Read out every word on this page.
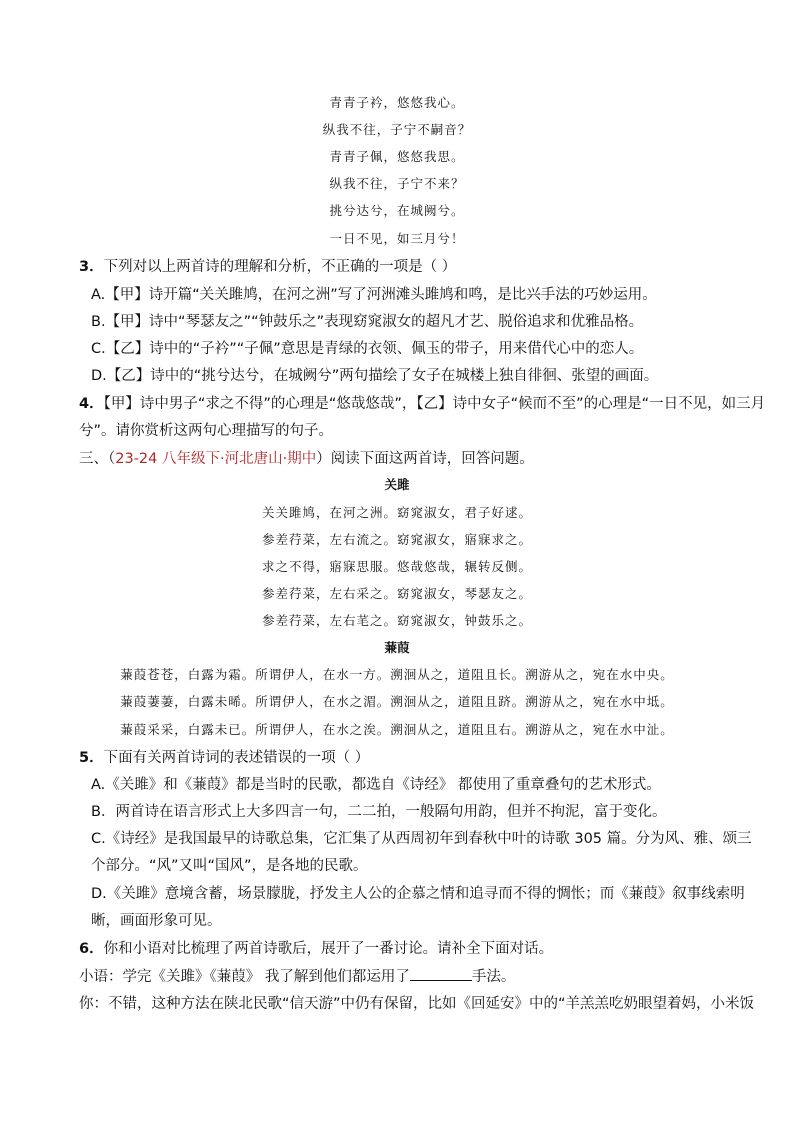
青青子衿，悠悠我心。
纵我不往，子宁不嗣音？
青青子佩，悠悠我思。
纵我不往，子宁不来？
挑兮达兮，在城阙兮。
一日不见，如三月兮！
3．下列对以上两首诗的理解和分析，不正确的一项是（ ）
A.【甲】诗开篇“关关雎鸠，在河之洲”写了河洲滩头雎鸠和鸣，是比兴手法的巧妙运用。
B.【甲】诗中“琴瑟友之”“钟鼓乐之”表现窈窕淑女的超凡才艺、脱俗追求和优雅品格。
C.【乙】诗中的“子衿”“子佩”意思是青绿的衣领、佩玉的带子，用来借代心中的恋人。
D.【乙】诗中的“挑兮达兮，在城阙兮”两句描绘了女子在城楼上独自徘徊、张望的画面。
4．【甲】诗中男子“求之不得”的心理是“悠哉悠哉”，【乙】诗中女子“候而不至”的心理是“一日不见，如三月
兮”。请你赏析这两句心理描写的句子。
三、（23-24 八年级下·河北唐山·期中）阅读下面这两首诗，回答问题。
关雎
关关雎鸠，在河之洲。窈窕淑女，君子好逑。
参差荇菜，左右流之。窈窕淑女，寤寐求之。
求之不得，寤寐思服。悠哉悠哉，辗转反侧。
参差荇菜，左右采之。窈窕淑女，琴瑟友之。
参差荇菜，左右芼之。窈窕淑女，钟鼓乐之。
蒹葭
蒹葭苍苍，白露为霜。所谓伊人，在水一方。溯洄从之，道阻且长。溯游从之，宛在水中央。
蒹葭萋萋，白露未晞。所谓伊人，在水之湄。溯洄从之，道阻且跻。溯游从之，宛在水中坻。
蒹葭采采，白露未已。所谓伊人，在水之涘。溯洄从之，道阻且右。溯游从之，宛在水中沚。
5．下面有关两首诗词的表述错误的一项（ ）
A.《关雎》和《蒹葭》都是当时的民歌，都选自《诗经》 都使用了重章叠句的艺术形式。
B．两首诗在语言形式上大多四言一句，二二拍，一般隔句用韵，但并不拘泥，富于变化。
C.《诗经》是我国最早的诗歌总集，它汇集了从西周初年到春秋中叶的诗歌 305 篇。分为风、雅、颂三
个部分。“风”又叫“国风”，是各地的民歌。
D.《关雎》意境含蓄，场景朦胧，抒发主人公的企慕之情和追寻而不得的惆怅；而《蒹葭》叙事线索明
晰，画面形象可见。
6．你和小语对比梳理了两首诗歌后，展开了一番讨论。请补全下面对话。
小语：学完《关雎》《蒹葭》 我了解到他们都运用了	手法。
你：不错，这种方法在陕北民歌“信天游”中仍有保留，比如《回延安》中的“羊羔羔吃奶眼望着妈，小米饭
